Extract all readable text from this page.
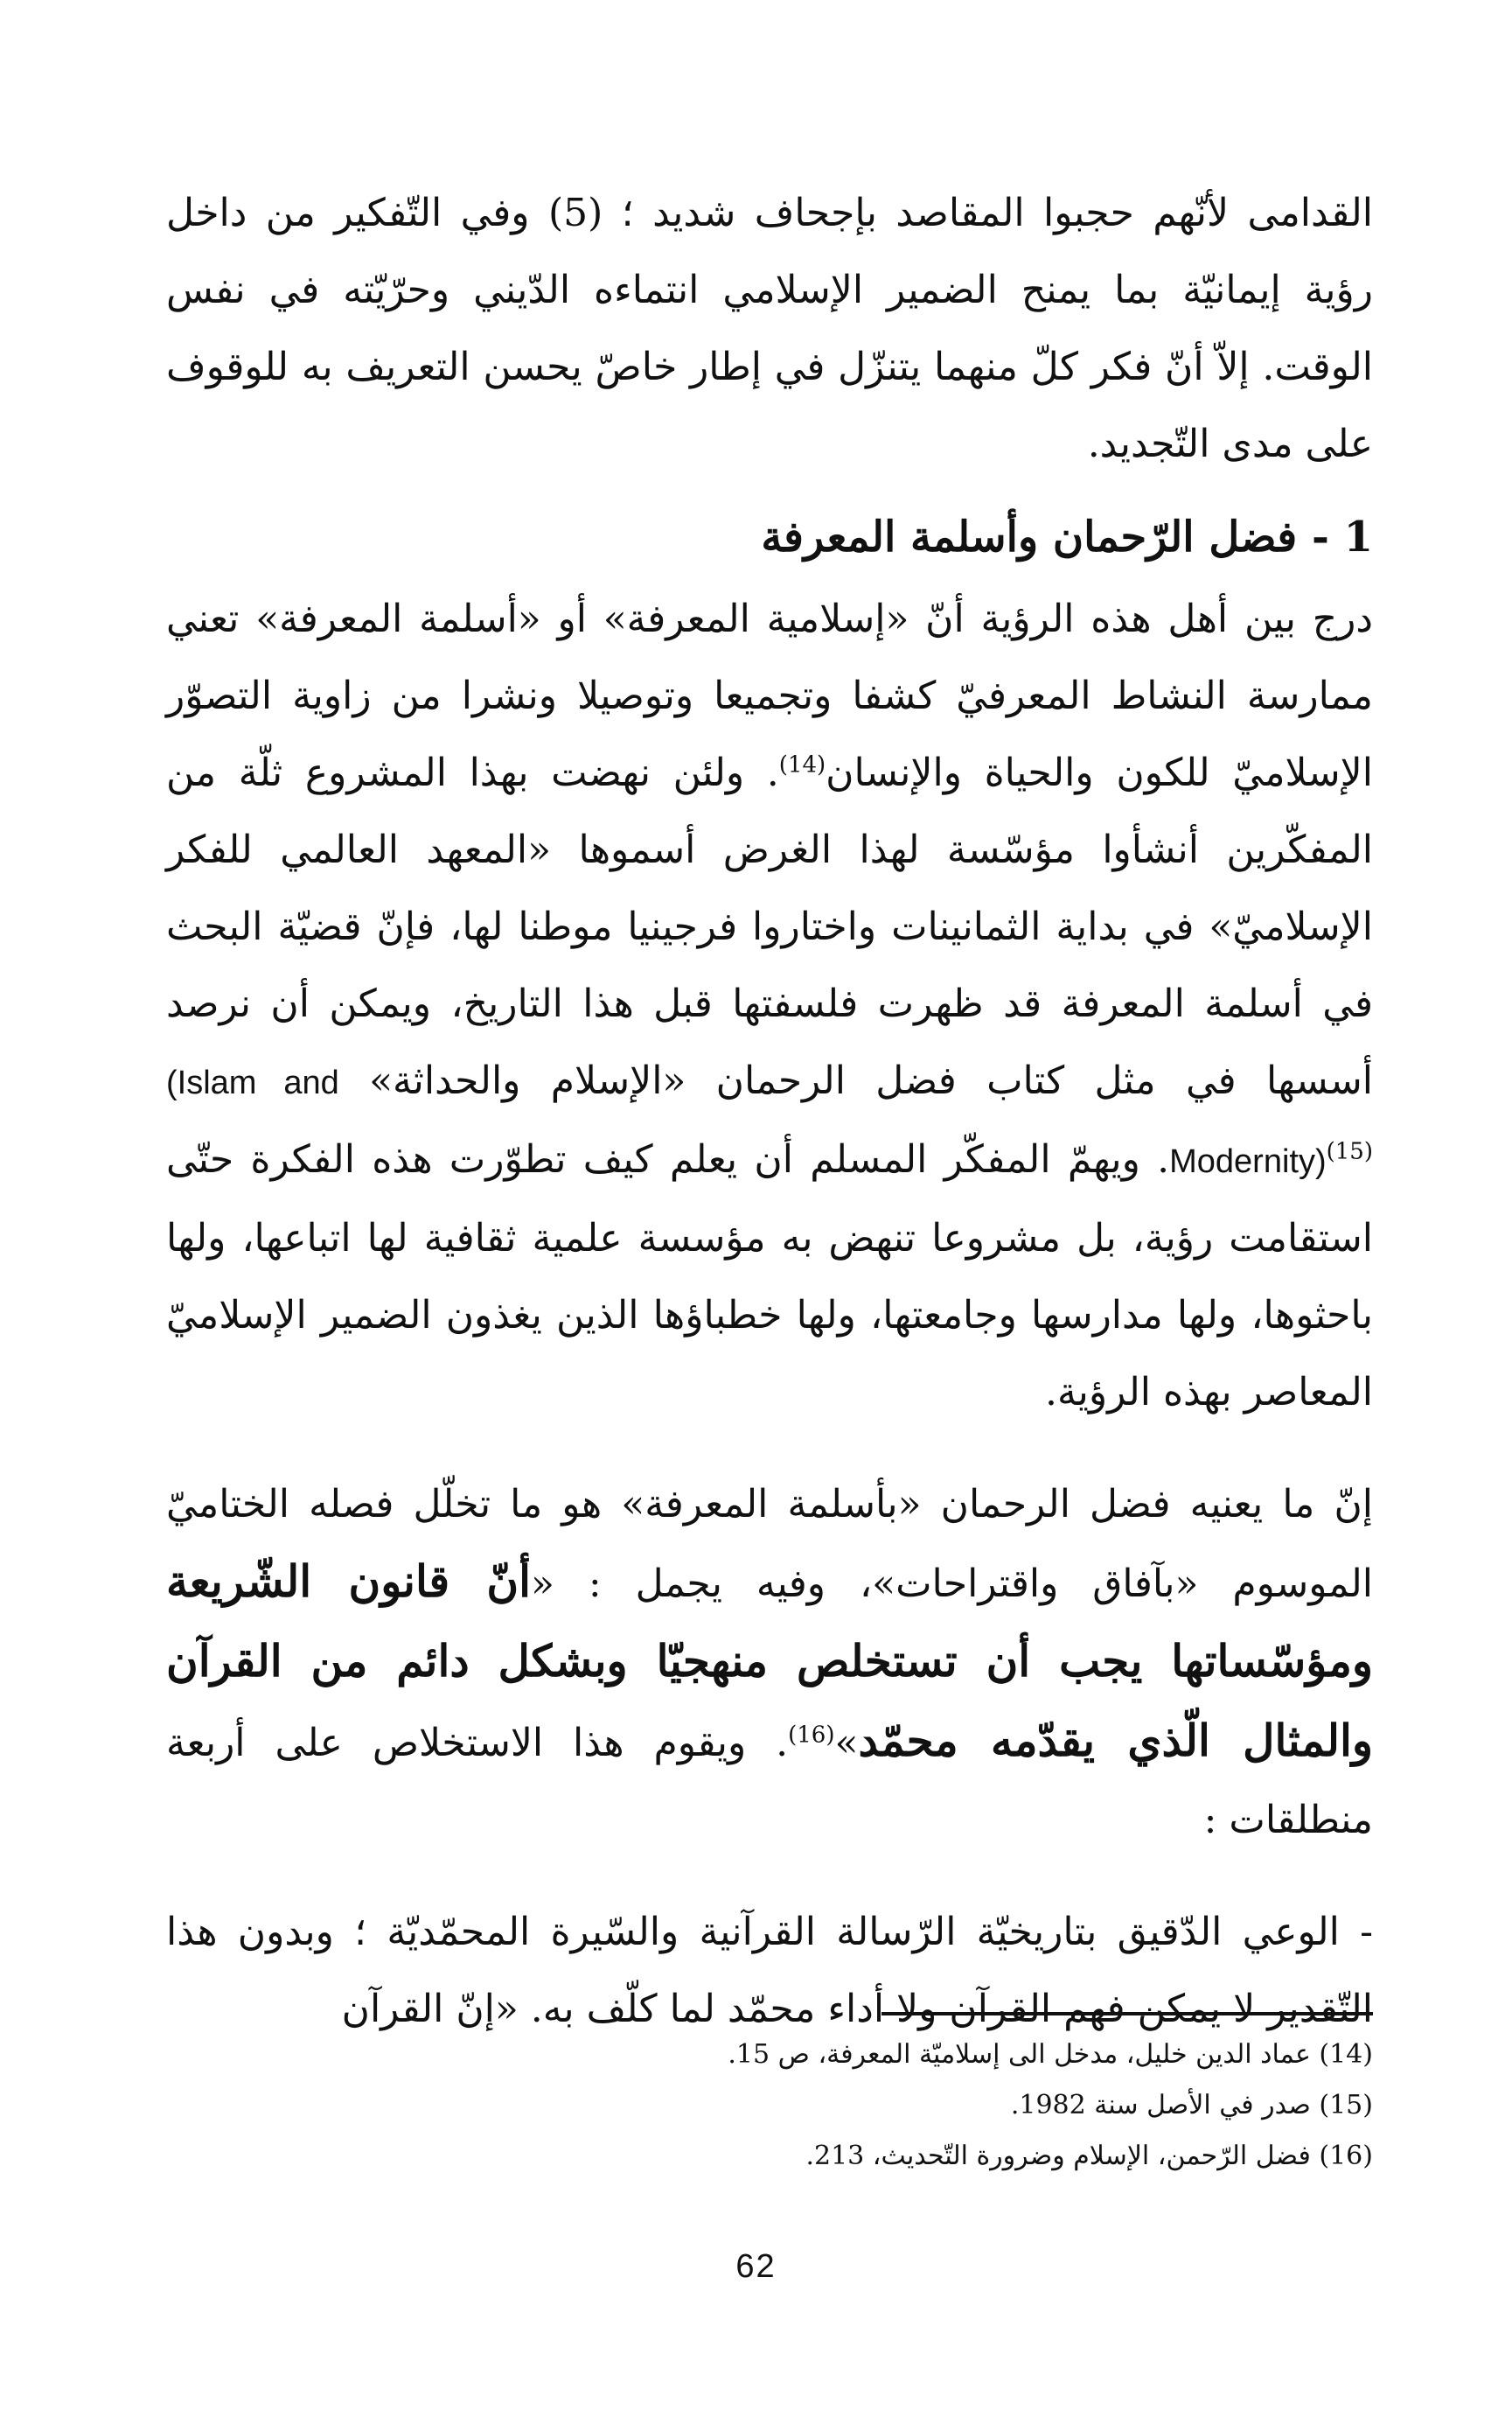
القدامى لأنّهم حجبوا المقاصد بإجحاف شديد ؛ (5) وفي التّفكير من داخل رؤية إيمانيّة بما يمنح الضمير الإسلامي انتماءه الدّيني وحرّيّته في نفس الوقت. إلاّ أنّ فكر كلّ منهما يتنزّل في إطار خاصّ يحسن التعريف به للوقوف على مدى التّجديد.

1 - فضل الرّحمان وأسلمة المعرفة

درج بين أهل هذه الرؤية أنّ «إسلامية المعرفة» أو «أسلمة المعرفة» تعني ممارسة النشاط المعرفيّ كشفا وتجميعا وتوصيلا ونشرا من زاوية التصوّر الإسلاميّ للكون والحياة والإنسان$^{(14)}$. ولئن نهضت بهذا المشروع ثلّة من المفكّرين أنشأوا مؤسّسة لهذا الغرض أسموها «المعهد العالمي للفكر الإسلاميّ» في بداية الثمانينات واختاروا فرجينيا موطنا لها، فإنّ قضيّة البحث في أسلمة المعرفة قد ظهرت فلسفتها قبل هذا التاريخ، ويمكن أن نرصد أسسها في مثل كتاب فضل الرحمان «الإسلام والحداثة» (Islam and Modernity)$^{(15)}$. ويهمّ المفكّر المسلم أن يعلم كيف تطوّرت هذه الفكرة حتّى استقامت رؤية، بل مشروعا تنهض به مؤسسة علمية ثقافية لها اتباعها، ولها باحثوها، ولها مدارسها وجامعتها، ولها خطباؤها الذين يغذون الضمير الإسلاميّ المعاصر بهذه الرؤية.

إنّ ما يعنيه فضل الرحمان «بأسلمة المعرفة» هو ما تخلّل فصله الختاميّ الموسوم «بآفاق واقتراحات»، وفيه يجمل : «أنّ قانون الشّريعة ومؤسّساتها يجب أن تستخلص منهجيّا وبشكل دائم من القرآن والمثال الّذي يقدّمه محمّد»$^{(16)}$. ويقوم هذا الاستخلاص على أربعة منطلقات :

- الوعي الدّقيق بتاريخيّة الرّسالة القرآنية والسّيرة المحمّديّة ؛ وبدون هذا التّقدير لا يمكن فهم القرآن ولا أداء محمّد لما كلّف به. «إنّ القرآن

(14) عماد الدين خليل، مدخل الى إسلاميّة المعرفة، ص 15.
(15) صدر في الأصل سنة 1982.
(16) فضل الرّحمن، الإسلام وضرورة التّحديث، 213.
62
